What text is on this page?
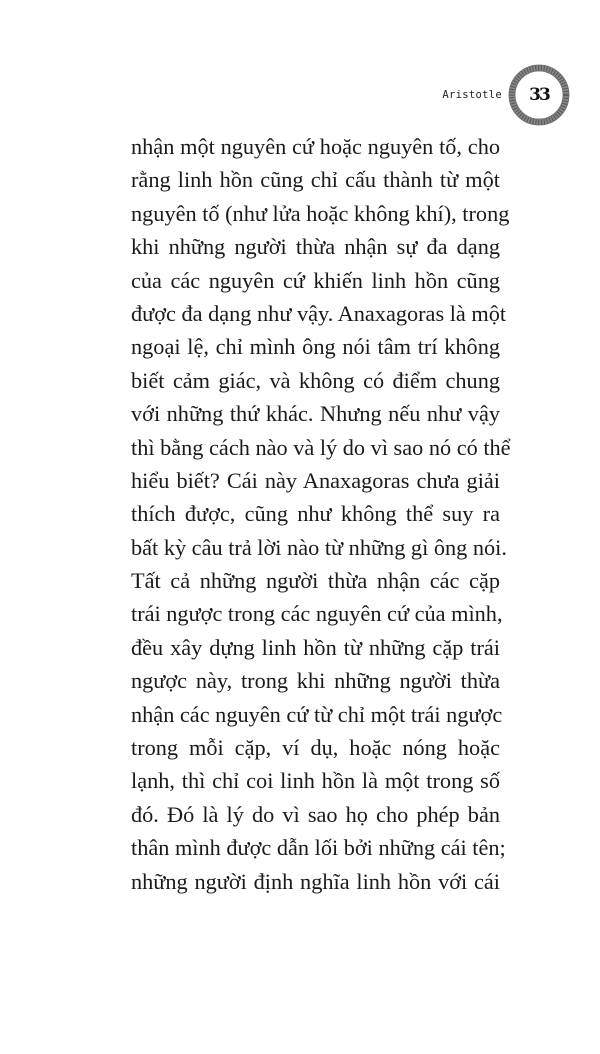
Aristotle	33
nhận một nguyên cứ hoặc nguyên tố, cho
rằng linh hồn cũng chỉ cấu thành từ một
nguyên tố (như lửa hoặc không khí), trong
khi những người thừa nhận sự đa dạng
của các nguyên cứ khiến linh hồn cũng
được đa dạng như vậy. Anaxagoras là một
ngoại lệ, chỉ mình ông nói tâm trí không
biết cảm giác, và không có điểm chung
với những thứ khác. Nhưng nếu như vậy
thì bằng cách nào và lý do vì sao nó có thể
hiểu biết? Cái này Anaxagoras chưa giải
thích được, cũng như không thể suy ra
bất kỳ câu trả lời nào từ những gì ông nói.
Tất cả những người thừa nhận các cặp
trái ngược trong các nguyên cứ của mình,
đều xây dựng linh hồn từ những cặp trái
ngược này, trong khi những người thừa
nhận các nguyên cứ từ chỉ một trái ngược
trong mỗi cặp, ví dụ, hoặc nóng hoặc
lạnh, thì chỉ coi linh hồn là một trong số
đó. Đó là lý do vì sao họ cho phép bản
thân mình được dẫn lối bởi những cái tên;
những người định nghĩa linh hồn với cái
